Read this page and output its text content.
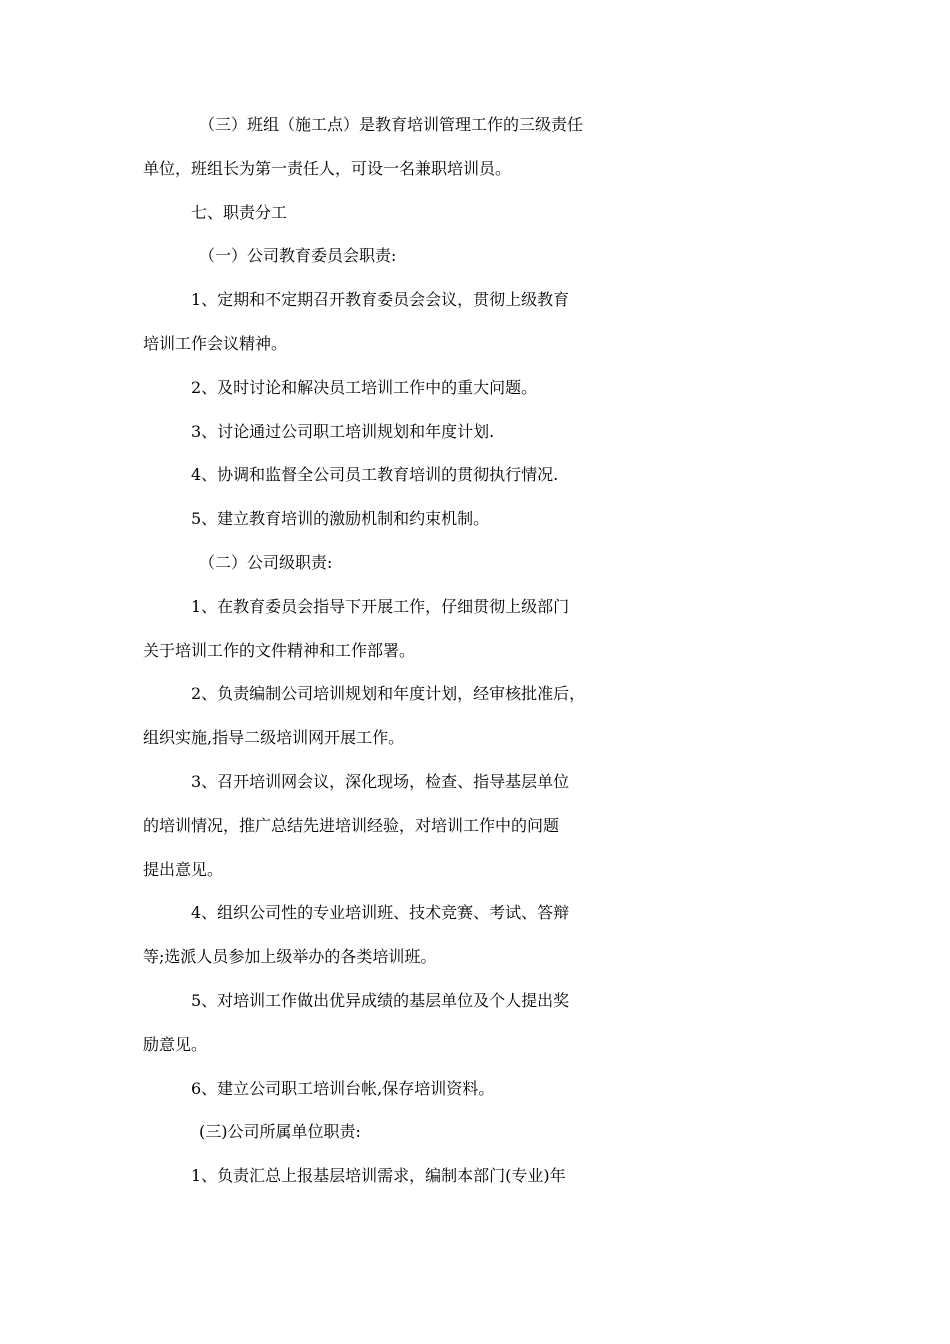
（三）班组（施工点）是教育培训管理工作的三级责任
单位，班组长为第一责任人，可设一名兼职培训员。
七、职责分工
（一）公司教育委员会职责:
1、定期和不定期召开教育委员会会议，贯彻上级教育
培训工作会议精神。
2、及时讨论和解决员工培训工作中的重大问题。
3、讨论通过公司职工培训规划和年度计划.
4、协调和监督全公司员工教育培训的贯彻执行情况.
5、建立教育培训的激励机制和约束机制。
（二）公司级职责:
1、在教育委员会指导下开展工作，仔细贯彻上级部门
关于培训工作的文件精神和工作部署。
2、负责编制公司培训规划和年度计划，经审核批准后，
组织实施,指导二级培训网开展工作。
3、召开培训网会议，深化现场，检查、指导基层单位
的培训情况，推广总结先进培训经验，对培训工作中的问题
提出意见。
4、组织公司性的专业培训班、技术竞赛、考试、答辩
等;选派人员参加上级举办的各类培训班。
5、对培训工作做出优异成绩的基层单位及个人提出奖
励意见。
6、建立公司职工培训台帐,保存培训资料。
(三)公司所属单位职责:
1、负责汇总上报基层培训需求，编制本部门(专业)年
